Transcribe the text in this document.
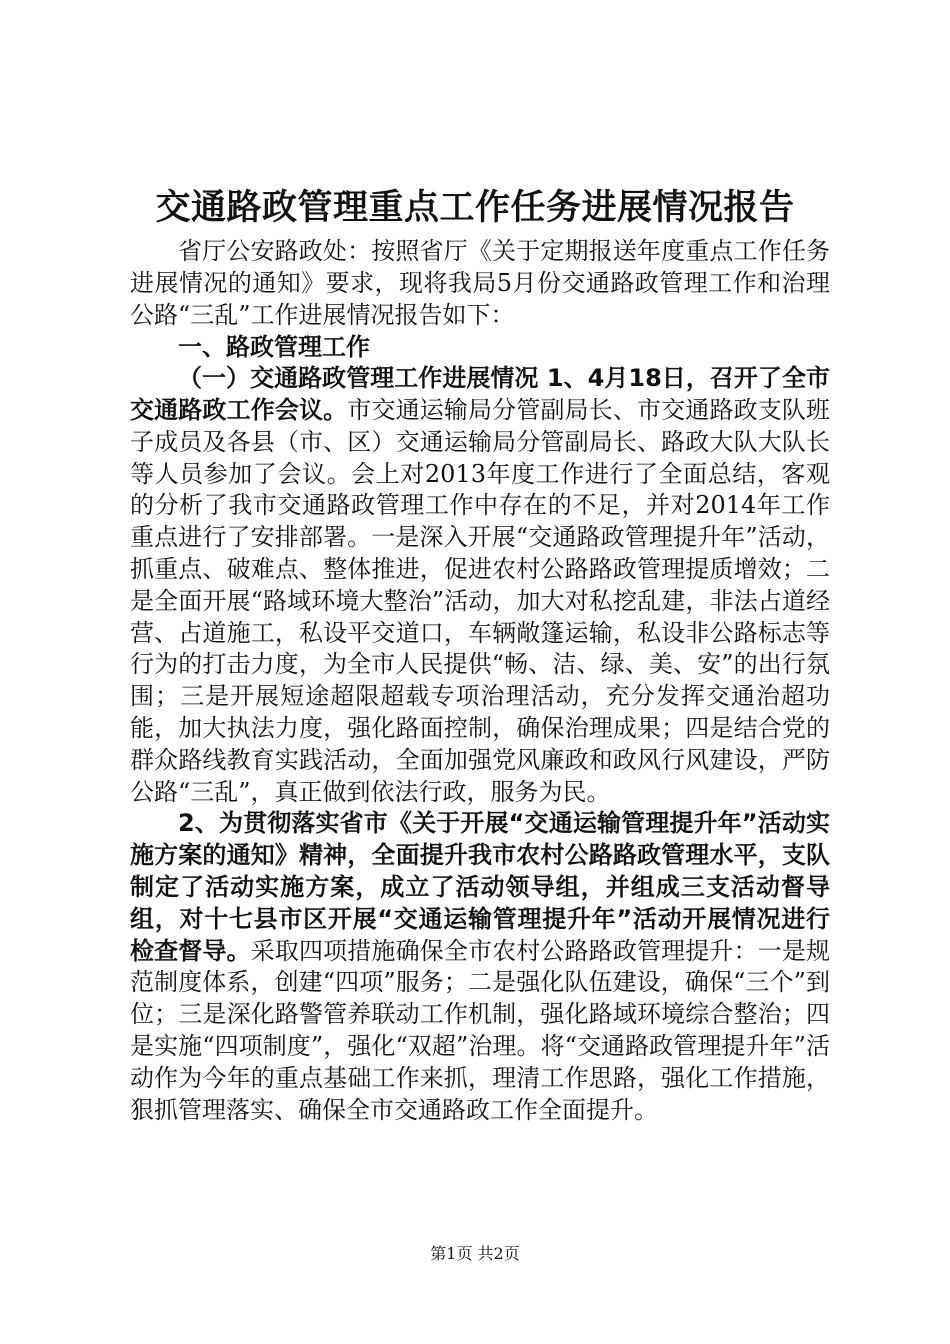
交通路政管理重点工作任务进展情况报告

省厅公安路政处：按照省厅《关于定期报送年度重点工作任务进展情况的通知》要求，现将我局5月份交通路政管理工作和治理公路“三乱”工作进展情况报告如下：

一、路政管理工作

（一）交通路政管理工作进展情况 1、4月18日，召开了全市交通路政工作会议。市交通运输局分管副局长、市交通路政支队班子成员及各县（市、区）交通运输局分管副局长、路政大队大队长等人员参加了会议。会上对2013年度工作进行了全面总结，客观的分析了我市交通路政管理工作中存在的不足，并对2014年工作重点进行了安排部署。一是深入开展“交通路政管理提升年”活动，抓重点、破难点、整体推进，促进农村公路路政管理提质增效；二是全面开展“路域环境大整治”活动，加大对私挖乱建，非法占道经营、占道施工，私设平交道口，车辆敞篷运输，私设非公路标志等行为的打击力度，为全市人民提供“畅、洁、绿、美、安”的出行氛围；三是开展短途超限超载专项治理活动，充分发挥交通治超功能，加大执法力度，强化路面控制，确保治理成果；四是结合党的群众路线教育实践活动，全面加强党风廉政和政风行风建设，严防公路“三乱”，真正做到依法行政，服务为民。

2、为贯彻落实省市《关于开展“交通运输管理提升年”活动实施方案的通知》精神，全面提升我市农村公路路政管理水平，支队制定了活动实施方案，成立了活动领导组，并组成三支活动督导组，对十七县市区开展“交通运输管理提升年”活动开展情况进行检查督导。采取四项措施确保全市农村公路路政管理提升：一是规范制度体系，创建“四项”服务；二是强化队伍建设，确保“三个”到位；三是深化路警管养联动工作机制，强化路域环境综合整治；四是实施“四项制度”，强化“双超”治理。将“交通路政管理提升年”活动作为今年的重点基础工作来抓，理清工作思路，强化工作措施，狠抓管理落实、确保全市交通路政工作全面提升。

第1页 共2页
